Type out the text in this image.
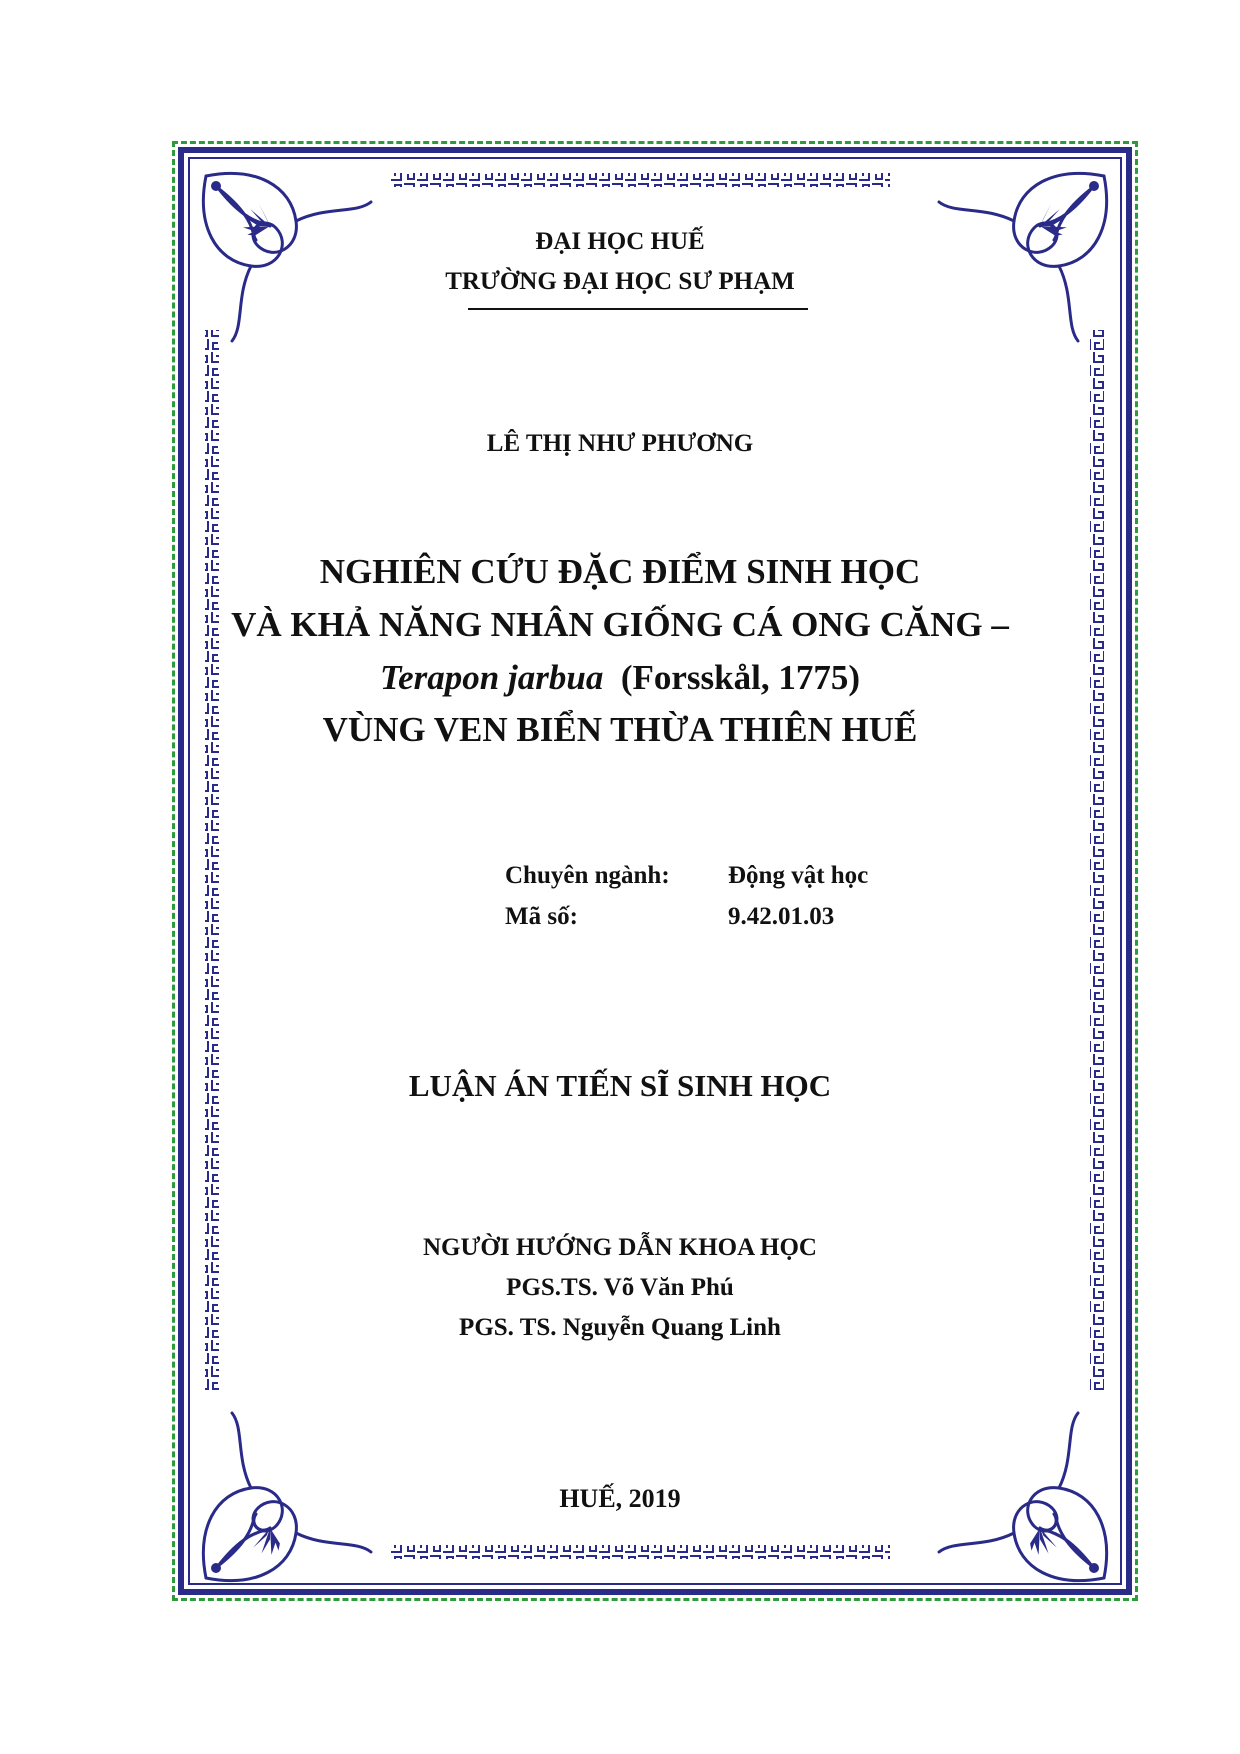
ĐẠI HỌC HUẾ
TRƯỜNG ĐẠI HỌC SƯ PHẠM
LÊ THỊ NHƯ PHƯƠNG
NGHIÊN CỨU ĐẶC ĐIỂM SINH HỌC
VÀ KHẢ NĂNG NHÂN GIỐNG CÁ ONG CĂNG –
Terapon jarbua (Forsskål, 1775)
VÙNG VEN BIỂN THỪA THIÊN HUẾ
Chuyên ngành: Động vật học
Mã số:	9.42.01.03
LUẬN ÁN TIẾN SĨ SINH HỌC
NGƯỜI HƯỚNG DẪN KHOA HỌC
PGS.TS. Võ Văn Phú
PGS. TS. Nguyễn Quang Linh
HUẾ, 2019
